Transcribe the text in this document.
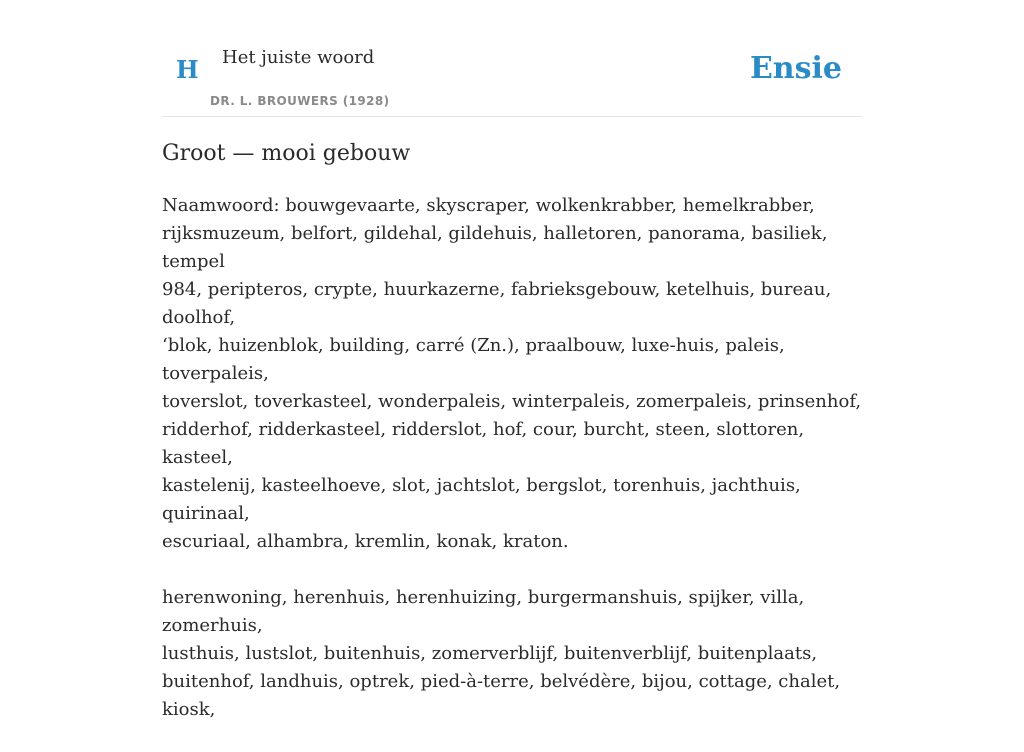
H Het juiste woord
DR. L. BROUWERS (1928)
Ensie
Groot — mooi gebouw

Naamwoord: bouwgevaarte, skyscraper, wolkenkrabber, hemelkrabber,
rijksmuzeum, belfort, gildehal, gildehuis, halletoren, panorama, basiliek, tempel
984, peripteros, crypte, huurkazerne, fabrieksgebouw, ketelhuis, bureau, doolhof,
‘blok, huizenblok, building, carré (Zn.), praalbouw, luxe-huis, paleis, toverpaleis,
toverslot, toverkasteel, wonderpaleis, winterpaleis, zomerpaleis, prinsenhof,
ridderhof, ridderkasteel, ridderslot, hof, cour, burcht, steen, slottoren, kasteel,
kastelenij, kasteelhoeve, slot, jachtslot, bergslot, torenhuis, jachthuis, quirinaal,
escuriaal, alhambra, kremlin, konak, kraton.

herenwoning, herenhuis, herenhuizing, burgermanshuis, spijker, villa, zomerhuis,
lusthuis, lustslot, buitenhuis, zomerverblijf, buitenverblijf, buitenplaats,
buitenhof, landhuis, optrek, pied-à-terre, belvédère, bijou, cottage, chalet, kiosk,
